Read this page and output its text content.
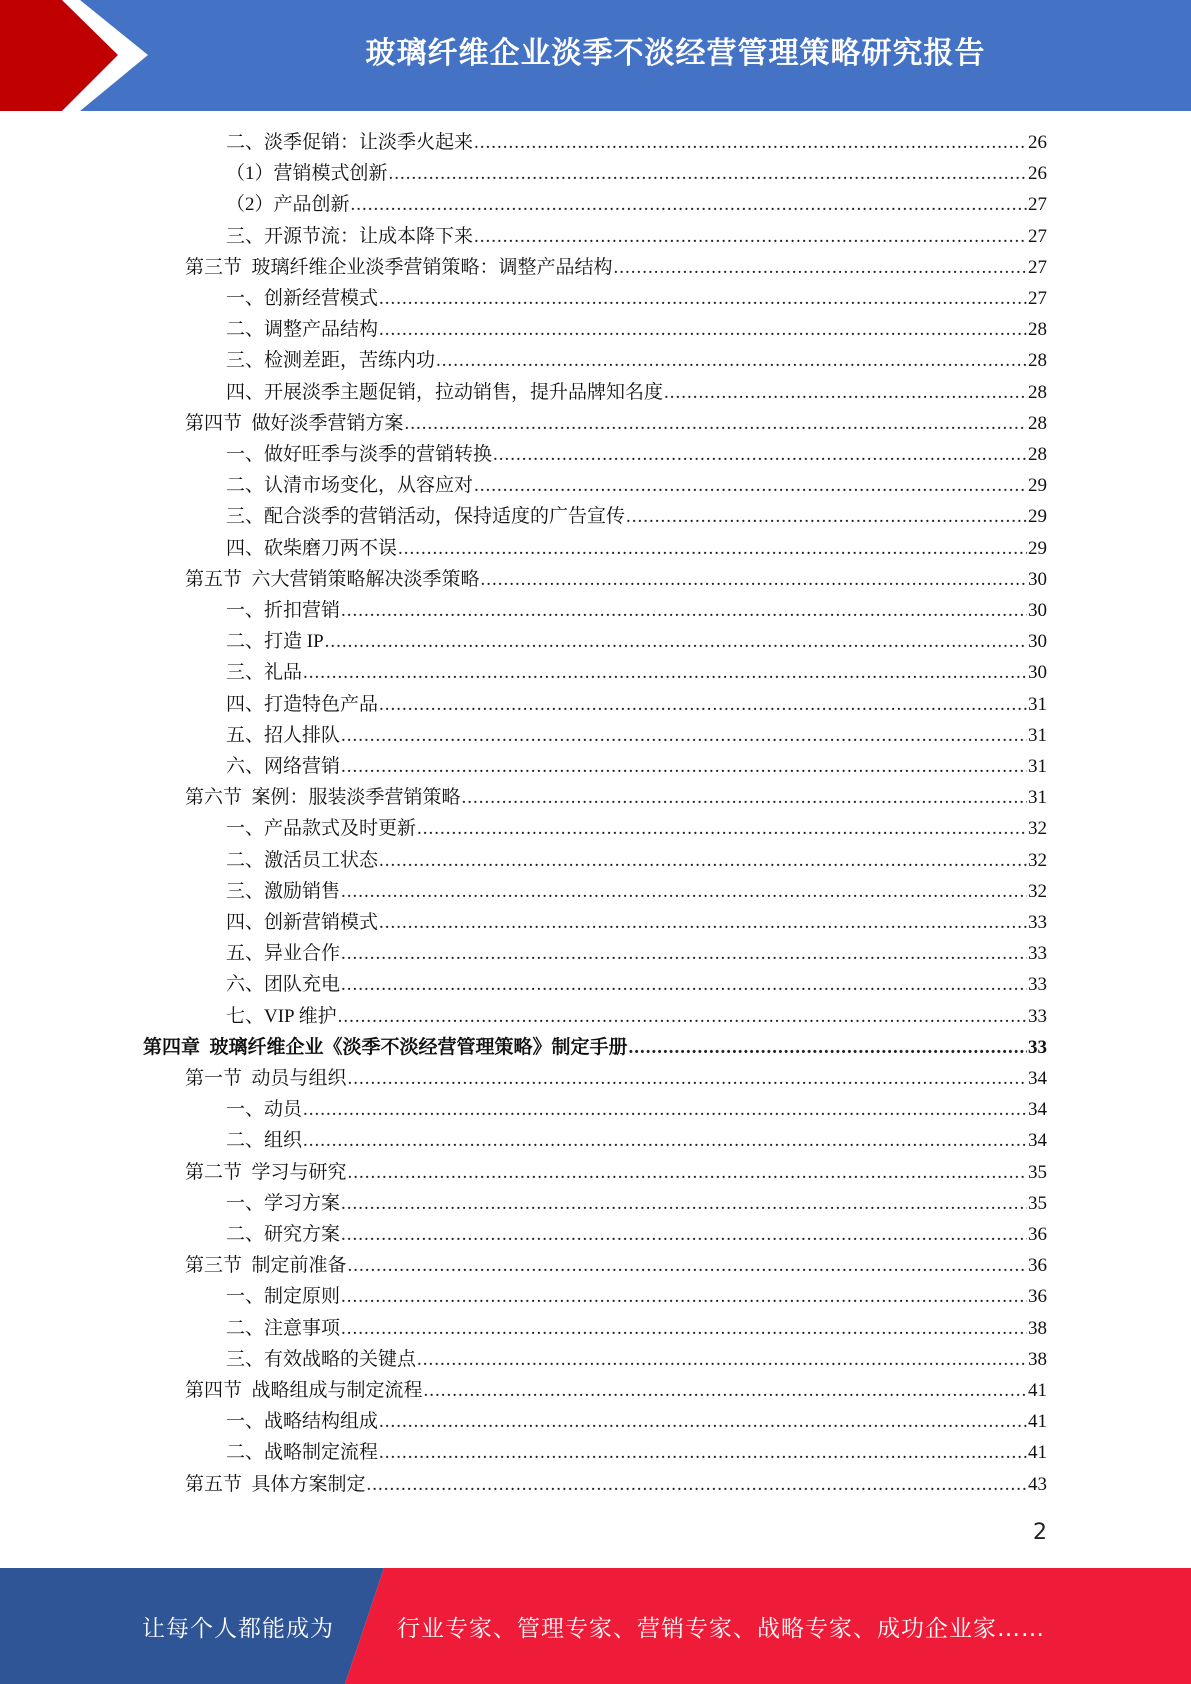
玻璃纤维企业淡季不淡经营管理策略研究报告
二、淡季促销：让淡季火起来 .....	26
（1）营销模式创新 .....	26
（2）产品创新 .....	27
三、开源节流：让成本降下来 .....	27
第三节  玻璃纤维企业淡季营销策略：调整产品结构 .....	27
一、创新经营模式 .....	27
二、调整产品结构 .....	28
三、检测差距，苦练内功 .....	28
四、开展淡季主题促销，拉动销售，提升品牌知名度 .....	28
第四节  做好淡季营销方案 .....	28
一、做好旺季与淡季的营销转换 .....	28
二、认清市场变化，从容应对 .....	29
三、配合淡季的营销活动，保持适度的广告宣传 .....	29
四、砍柴磨刀两不误 .....	29
第五节  六大营销策略解决淡季策略 .....	30
一、折扣营销 .....	30
二、打造 IP .....	30
三、礼品 .....	30
四、打造特色产品 .....	31
五、招人排队 .....	31
六、网络营销 .....	31
第六节  案例：服装淡季营销策略 .....	31
一、产品款式及时更新 .....	32
二、激活员工状态 .....	32
三、激励销售 .....	32
四、创新营销模式 .....	33
五、异业合作 .....	33
六、团队充电 .....	33
七、VIP 维护 .....	33
第四章  玻璃纤维企业《淡季不淡经营管理策略》制定手册 .....	33
第一节  动员与组织 .....	34
一、动员 .....	34
二、组织 .....	34
第二节  学习与研究 .....	35
一、学习方案 .....	35
二、研究方案 .....	36
第三节  制定前准备 .....	36
一、制定原则 .....	36
二、注意事项 .....	38
三、有效战略的关键点 .....	38
第四节  战略组成与制定流程 .....	41
一、战略结构组成 .....	41
二、战略制定流程 .....	41
第五节  具体方案制定 .....	43
2
让每个人都能成为	行业专家、管理专家、营销专家、战略专家、成功企业家……
